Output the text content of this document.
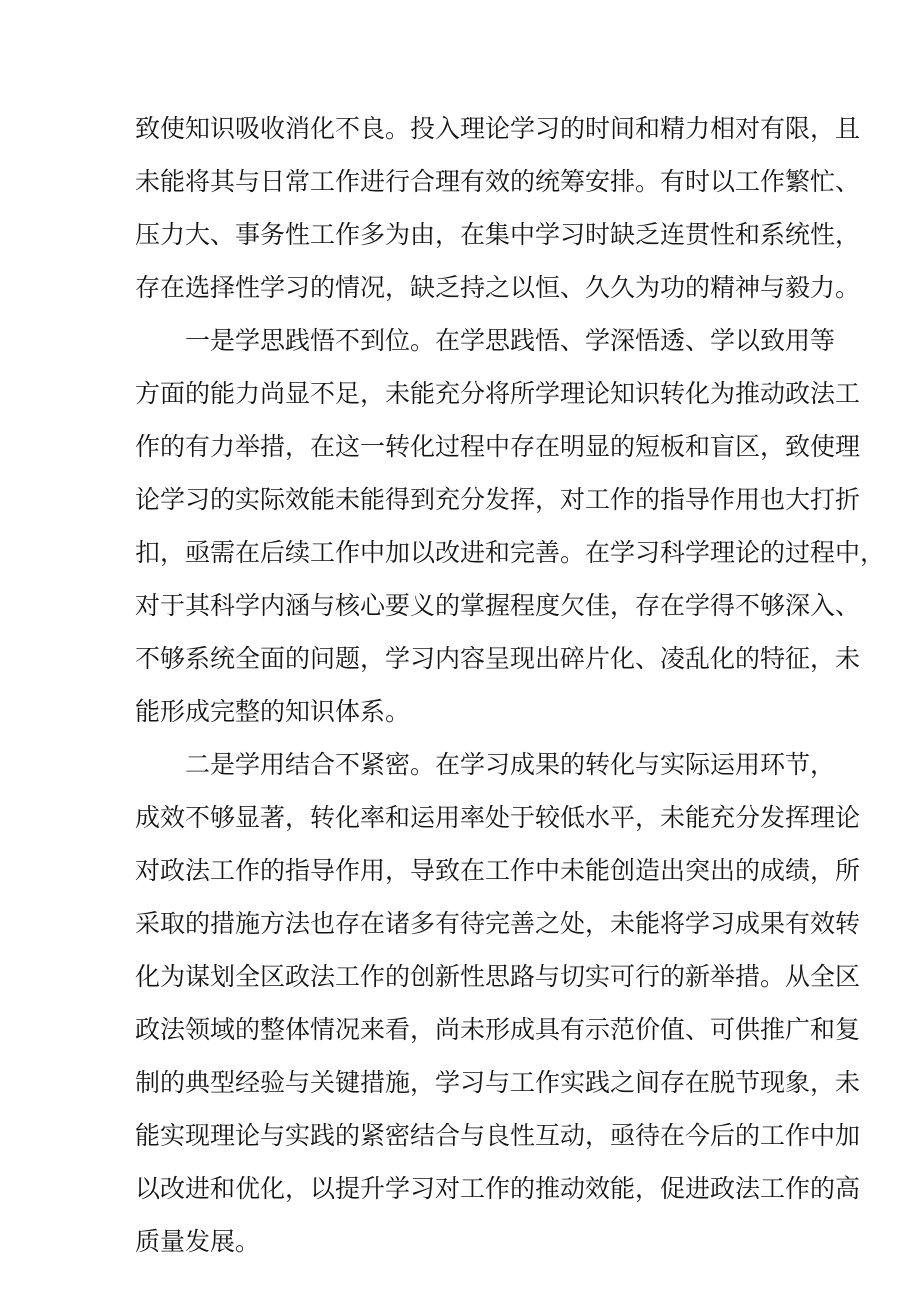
致使知识吸收消化不良。投入理论学习的时间和精力相对有限，且
未能将其与日常工作进行合理有效的统筹安排。有时以工作繁忙、
压力大、事务性工作多为由，在集中学习时缺乏连贯性和系统性，
存在选择性学习的情况，缺乏持之以恒、久久为功的精神与毅力。
一是学思践悟不到位。在学思践悟、学深悟透、学以致用等
方面的能力尚显不足，未能充分将所学理论知识转化为推动政法工
作的有力举措，在这一转化过程中存在明显的短板和盲区，致使理
论学习的实际效能未能得到充分发挥，对工作的指导作用也大打折
扣，亟需在后续工作中加以改进和完善。在学习科学理论的过程中，
对于其科学内涵与核心要义的掌握程度欠佳，存在学得不够深入、
不够系统全面的问题，学习内容呈现出碎片化、凌乱化的特征，未
能形成完整的知识体系。
二是学用结合不紧密。在学习成果的转化与实际运用环节，
成效不够显著，转化率和运用率处于较低水平，未能充分发挥理论
对政法工作的指导作用，导致在工作中未能创造出突出的成绩，所
采取的措施方法也存在诸多有待完善之处，未能将学习成果有效转
化为谋划全区政法工作的创新性思路与切实可行的新举措。从全区
政法领域的整体情况来看，尚未形成具有示范价值、可供推广和复
制的典型经验与关键措施，学习与工作实践之间存在脱节现象，未
能实现理论与实践的紧密结合与良性互动，亟待在今后的工作中加
以改进和优化，以提升学习对工作的推动效能，促进政法工作的高
质量发展。
